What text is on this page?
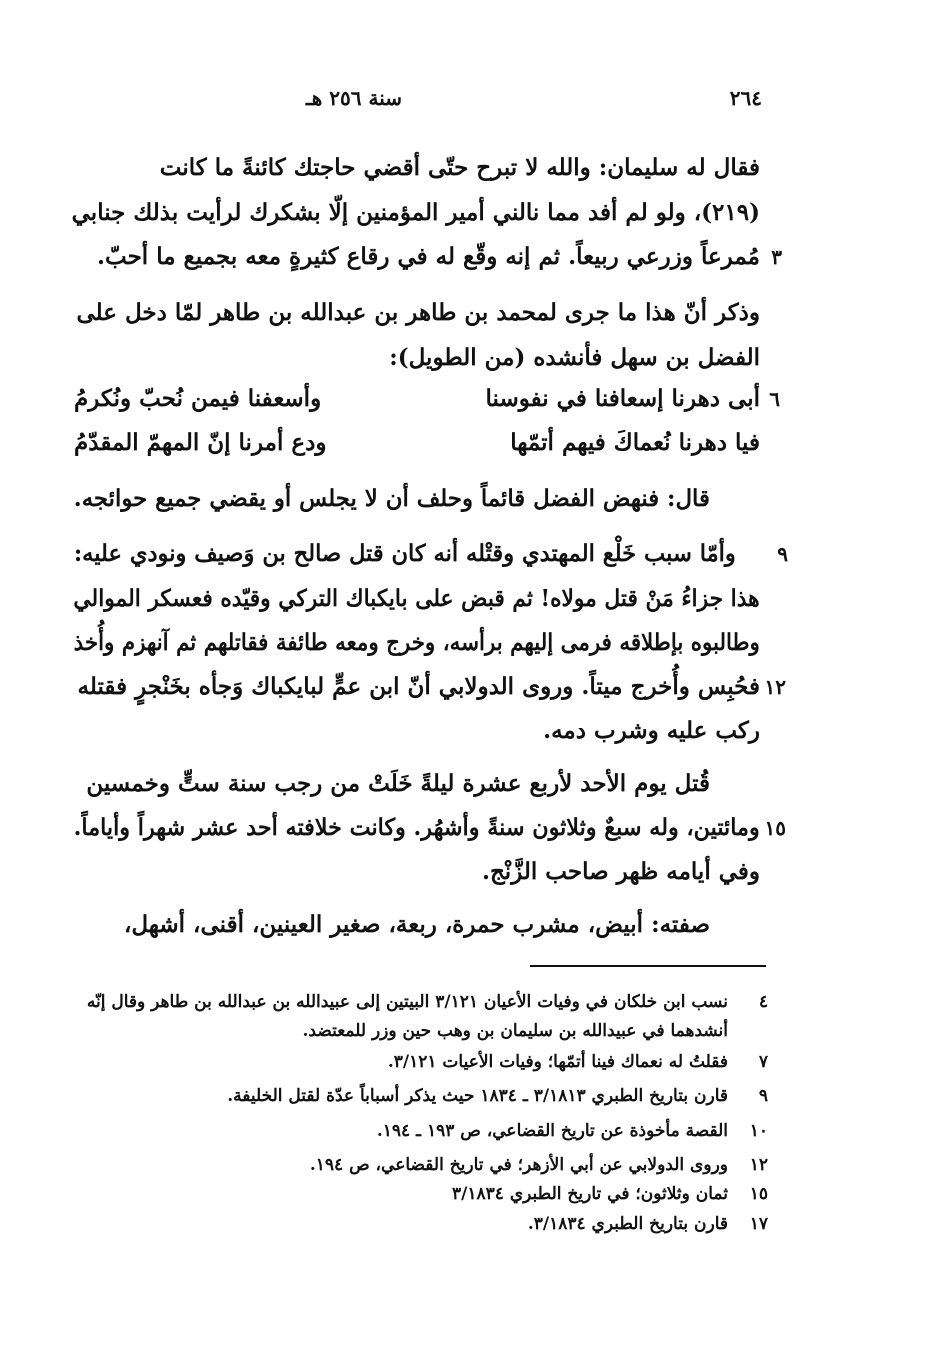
٢٦٤
سنة ٢٥٦ هـ
فقال له سليمان: والله لا تبرح حتّى أقضي حاجتك كائنةً ما كانت
(٢١٩)، ولو لم أفد مما نالني أمير المؤمنين إلّا بشكرك لرأيت بذلك جنابي
٣
مُمرعاً وزرعي ربيعاً. ثم إنه وقّع له في رقاع كثيرةٍ معه بجميع ما أحبّ.
وذكر أنّ هذا ما جرى لمحمد بن طاهر بن عبدالله بن طاهر لمّا دخل على
الفضل بن سهل فأنشده (من الطويل):
٦
أبى دهرنا إسعافنا في نفوسنا
وأسعفنا فيمن نُحبّ ونُكرمُ
فيا دهرنا نُعماكَ فيهم أتمّها
ودع أمرنا إنّ المهمّ المقدّمُ
قال: فنهض الفضل قائماً وحلف أن لا يجلس أو يقضي جميع حوائجه.
٩
وأمّا سبب خَلْع المهتدي وقتْله أنه كان قتل صالح بن وَصيف ونودي عليه:
هذا جزاءُ مَنْ قتل مولاه! ثم قبض على بايكباك التركي وقيّده فعسكر الموالي
وطالبوه بإطلاقه فرمى إليهم برأسه، وخرج ومعه طائفة فقاتلهم ثم آنهزم وأُخذ
١٢
فحُبِس وأُخرج ميتاً. وروى الدولابي أنّ ابن عمٍّ لبايكباك وَجأه بخَنْجرٍ فقتله
ركب عليه وشرب دمه.
قُتل يوم الأحد لأربع عشرة ليلةً خَلَتْ من رجب سنة ستٍّ وخمسين
١٥
ومائتين، وله سبعٌ وثلاثون سنةً وأشهُر. وكانت خلافته أحد عشر شهراً وأياماً.
وفي أيامه ظهر صاحب الزَّنْج.
صفته: أبيض، مشرب حمرة، ربعة، صغير العينين، أقنى، أشهل،
٤
نسب ابن خلكان في وفيات الأعيان ٣/١٢١ البيتين إلى عبيدالله بن عبدالله بن طاهر وقال إنّه
أنشدهما في عبيدالله بن سليمان بن وهب حين وزر للمعتضد.
٧
فقلتُ له نعماك فينا أتمّها؛ وفيات الأعيات ٣/١٢١.
٩
قارن بتاريخ الطبري ٣/١٨١٣ ـ ١٨٣٤ حيث يذكر أسباباً عدّة لقتل الخليفة.
١٠
القصة مأخوذة عن تاريخ القضاعي، ص ١٩٣ ـ ١٩٤.
١٢
وروى الدولابي عن أبي الأزهر؛ في تاريخ القضاعي، ص ١٩٤.
١٥
ثمان وثلاثون؛ في تاريخ الطبري ٣/١٨٣٤
١٧
قارن بتاريخ الطبري ٣/١٨٣٤.
